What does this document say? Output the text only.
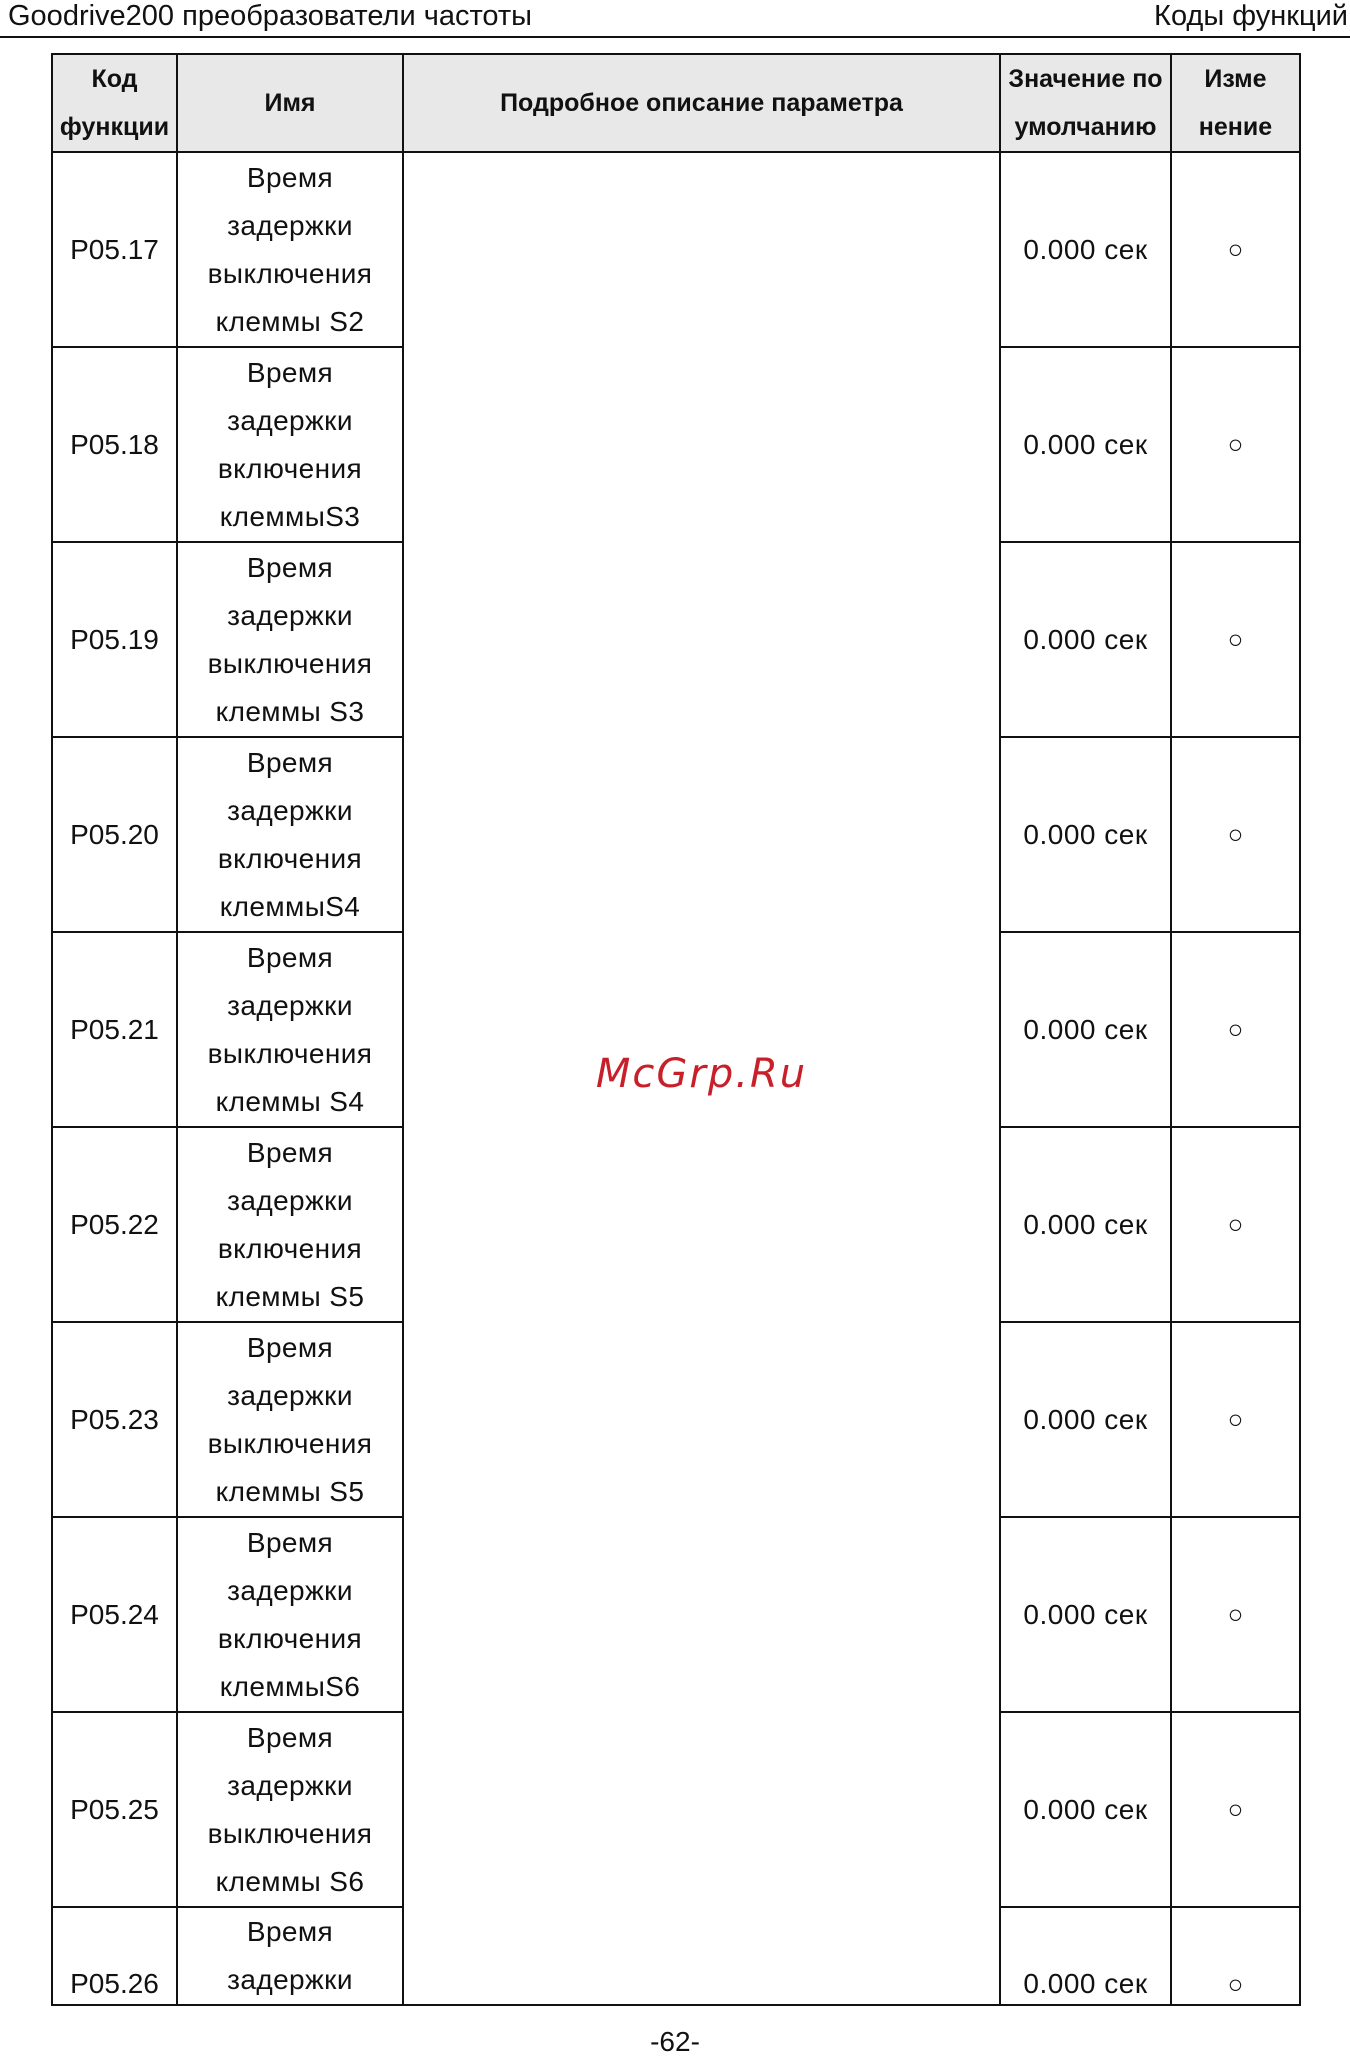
Goodrive200 преобразователи частоты	Коды функций
Код функции	Имя	Подробное описание параметра	Значение по умолчанию	Изме нение
P05.17	Время задержки выключения клеммы S2	McGrp.Ru	0.000 сек	○
P05.18	Время задержки включения клеммыS3		0.000 сек	○
P05.19	Время задержки выключения клеммы S3		0.000 сек	○
P05.20	Время задержки включения клеммыS4		0.000 сек	○
P05.21	Время задержки выключения клеммы S4		0.000 сек	○
P05.22	Время задержки включения клеммы S5		0.000 сек	○
P05.23	Время задержки выключения клеммы S5		0.000 сек	○
P05.24	Время задержки включения клеммыS6		0.000 сек	○
P05.25	Время задержки выключения клеммы S6		0.000 сек	○
P05.26	Время задержки		0.000 сек	○
-62-
